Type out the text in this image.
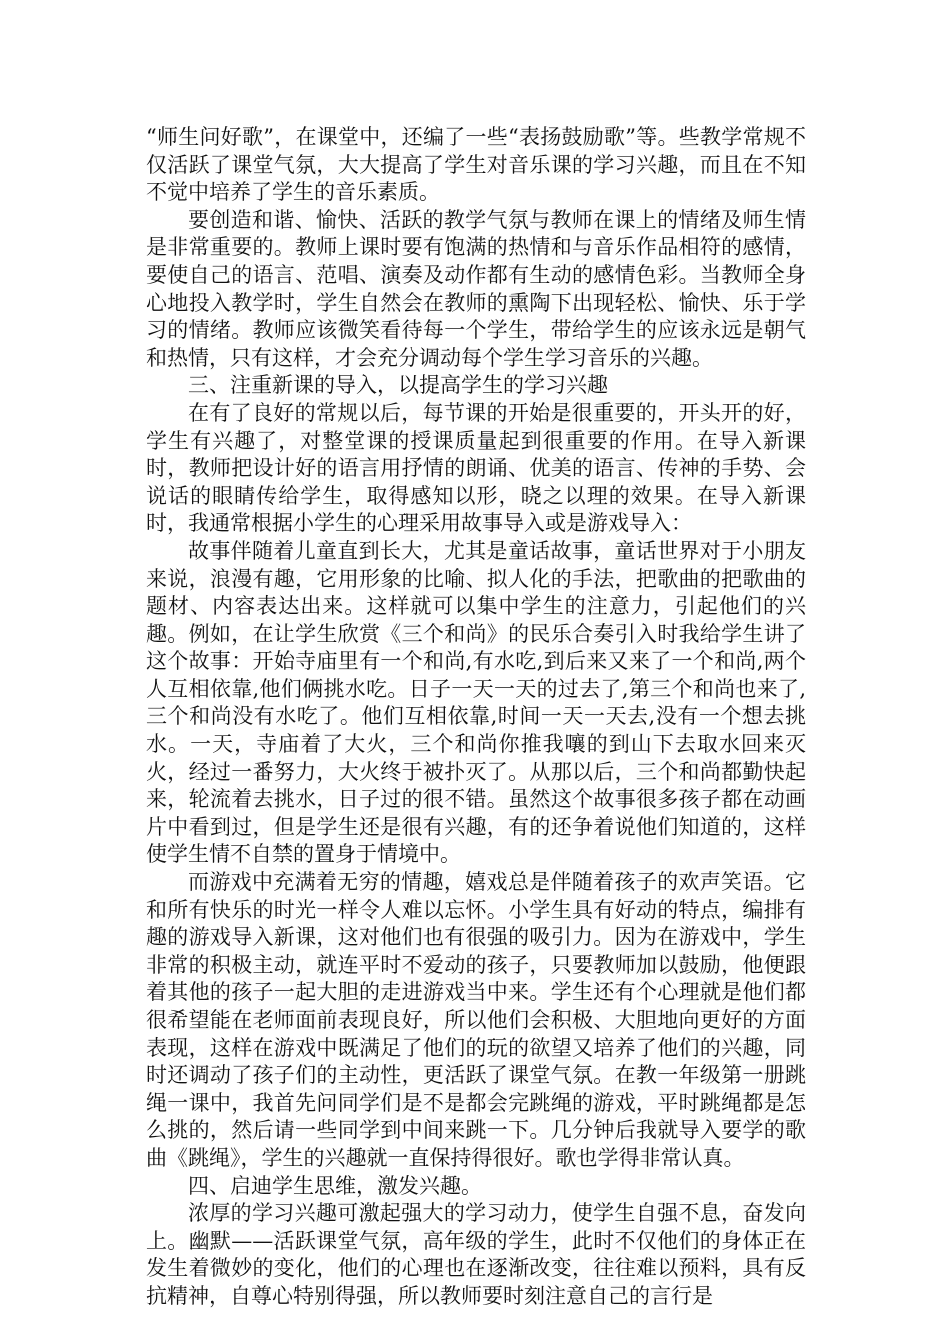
“师生问好歌”，在课堂中，还编了一些“表扬鼓励歌”等。些教学常规不仅活跃了课堂气氛，大大提高了学生对音乐课的学习兴趣，而且在不知不觉中培养了学生的音乐素质。

要创造和谐、愉快、活跃的教学气氛与教师在课上的情绪及师生情是非常重要的。教师上课时要有饱满的热情和与音乐作品相符的感情，要使自己的语言、范唱、演奏及动作都有生动的感情色彩。当教师全身心地投入教学时，学生自然会在教师的熏陶下出现轻松、愉快、乐于学习的情绪。教师应该微笑看待每一个学生，带给学生的应该永远是朝气和热情，只有这样，才会充分调动每个学生学习音乐的兴趣。

三、注重新课的导入，以提高学生的学习兴趣

在有了良好的常规以后，每节课的开始是很重要的，开头开的好，学生有兴趣了，对整堂课的授课质量起到很重要的作用。在导入新课时，教师把设计好的语言用抒情的朗诵、优美的语言、传神的手势、会说话的眼睛传给学生，取得感知以形，晓之以理的效果。在导入新课时，我通常根据小学生的心理采用故事导入或是游戏导入：

故事伴随着儿童直到长大，尤其是童话故事，童话世界对于小朋友来说，浪漫有趣，它用形象的比喻、拟人化的手法，把歌曲的把歌曲的题材、内容表达出来。这样就可以集中学生的注意力，引起他们的兴趣。例如，在让学生欣赏《三个和尚》的民乐合奏引入时我给学生讲了这个故事：开始寺庙里有一个和尚,有水吃,到后来又来了一个和尚,两个人互相依靠,他们俩挑水吃。日子一天一天的过去了,第三个和尚也来了,三个和尚没有水吃了。他们互相依靠,时间一天一天去,没有一个想去挑水。一天，寺庙着了大火，三个和尚你推我嚷的到山下去取水回来灭火，经过一番努力，大火终于被扑灭了。从那以后，三个和尚都勤快起来，轮流着去挑水，日子过的很不错。虽然这个故事很多孩子都在动画片中看到过，但是学生还是很有兴趣，有的还争着说他们知道的，这样使学生情不自禁的置身于情境中。

而游戏中充满着无穷的情趣，嬉戏总是伴随着孩子的欢声笑语。它和所有快乐的时光一样令人难以忘怀。小学生具有好动的特点，编排有趣的游戏导入新课，这对他们也有很强的吸引力。因为在游戏中，学生非常的积极主动，就连平时不爱动的孩子，只要教师加以鼓励，他便跟着其他的孩子一起大胆的走进游戏当中来。学生还有个心理就是他们都很希望能在老师面前表现良好，所以他们会积极、大胆地向更好的方面表现，这样在游戏中既满足了他们的玩的欲望又培养了他们的兴趣，同时还调动了孩子们的主动性，更活跃了课堂气氛。在教一年级第一册跳绳一课中，我首先问同学们是不是都会完跳绳的游戏，平时跳绳都是怎么挑的，然后请一些同学到中间来跳一下。几分钟后我就导入要学的歌曲《跳绳》，学生的兴趣就一直保持得很好。歌也学得非常认真。

四、启迪学生思维，激发兴趣。

浓厚的学习兴趣可激起强大的学习动力，使学生自强不息，奋发向上。幽默——活跃课堂气氛，高年级的学生，此时不仅他们的身体正在发生着微妙的变化，他们的心理也在逐渐改变，往往难以预料，具有反抗精神，自尊心特别得强，所以教师要时刻注意自己的言行是
